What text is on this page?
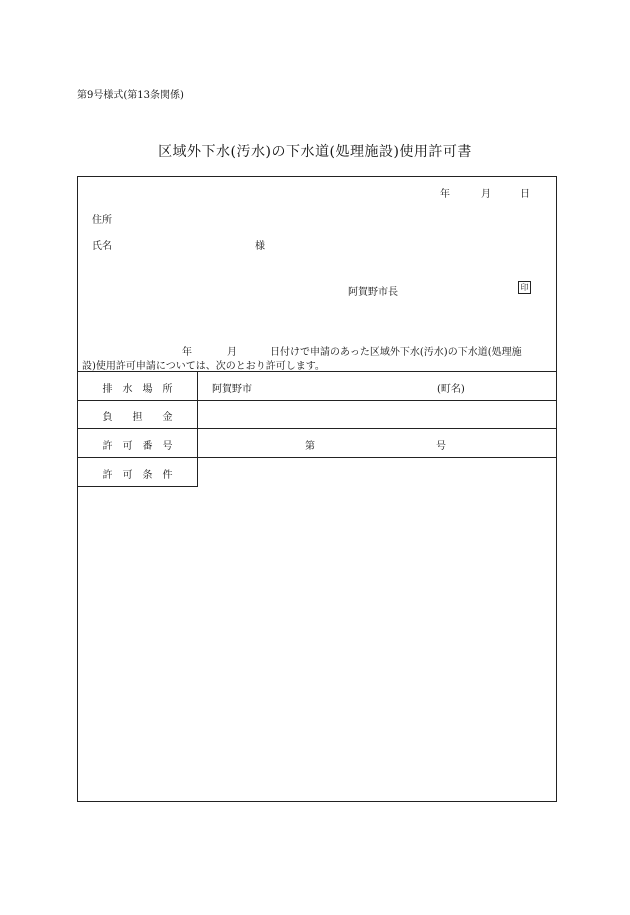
第9号様式(第13条関係)
区域外下水(汚水)の下水道(処理施設)使用許可書
年	月	日
住所
氏名	様
阿賀野市長	印
年	月	日付けで申請のあった区域外下水(汚水)の下水道(処理施
設)使用許可申請については、次のとおり許可します。
排　水　場　所	阿賀野市	(町名)
負　　担　　金
許　可　番　号	第	号
許　可　条　件
